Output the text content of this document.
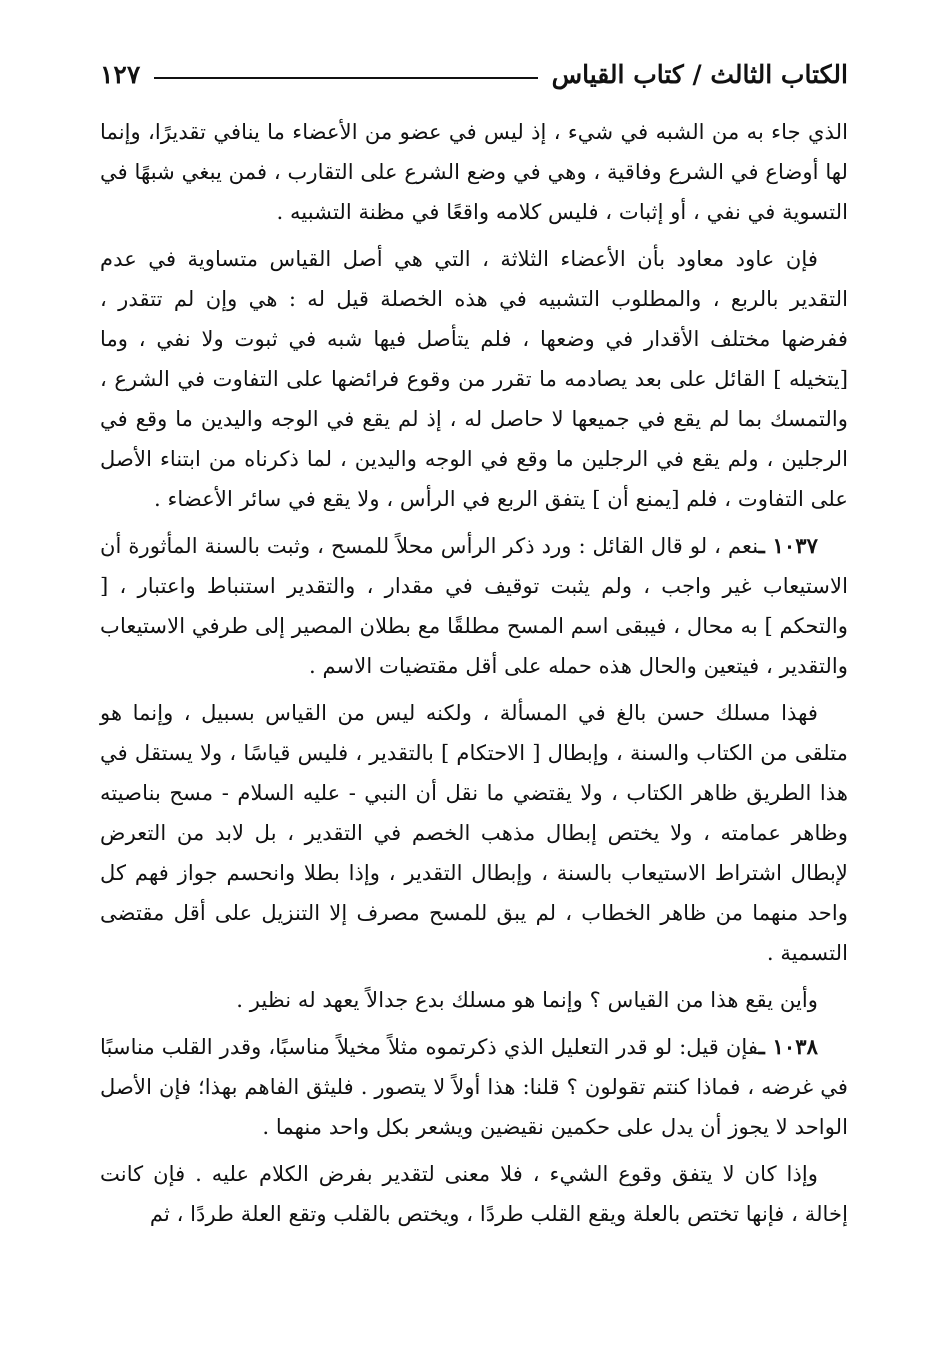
الكتاب الثالث / كتاب القياس
١٢٧

الذي جاء به من الشبه في شيء ، إذ ليس في عضو من الأعضاء ما ينافي تقديرًا، وإنما لها أوضاع في الشرع وفاقية ، وهي في وضع الشرع على التقارب ، فمن يبغي شبهًا في التسوية في نفي ، أو إثبات ، فليس كلامه واقعًا في مظنة التشبيه .

فإن عاود معاود بأن الأعضاء الثلاثة ، التي هي أصل القياس متساوية في عدم التقدير بالربع ، والمطلوب التشبيه في هذه الخصلة قيل له : هي وإن لم تتقدر ، ففرضها مختلف الأقدار في وضعها ، فلم يتأصل فيها شبه في ثبوت ولا نفي ، وما [يتخيله ] القائل على بعد يصادمه ما تقرر من وقوع فرائضها على التفاوت في الشرع ، والتمسك بما لم يقع في جميعها لا حاصل له ، إذ لم يقع في الوجه واليدين ما وقع في الرجلين ، ولم يقع في الرجلين ما وقع في الوجه واليدين ، لما ذكرناه من ابتناء الأصل على التفاوت ، فلم [يمنع أن ] يتفق الربع في الرأس ، ولا يقع في سائر الأعضاء .

١٠٣٧ ـنعم ، لو قال القائل : ورد ذكر الرأس محلاً للمسح ، وثبت بالسنة المأثورة أن الاستيعاب غير واجب ، ولم يثبت توقيف في مقدار ، والتقدير استنباط واعتبار ، [ والتحكم ] به محال ، فيبقى اسم المسح مطلقًا مع بطلان المصير إلى طرفي الاستيعاب والتقدير ، فيتعين والحال هذه حمله على أقل مقتضيات الاسم .

فهذا مسلك حسن بالغ في المسألة ، ولكنه ليس من القياس بسبيل ، وإنما هو متلقى من الكتاب والسنة ، وإبطال [ الاحتكام ] بالتقدير ، فليس قياسًا ، ولا يستقل في هذا الطريق ظاهر الكتاب ، ولا يقتضي ما نقل أن النبي - عليه السلام - مسح بناصيته وظاهر عمامته ، ولا يختص إبطال مذهب الخصم في التقدير ، بل لابد من التعرض لإبطال اشتراط الاستيعاب بالسنة ، وإبطال التقدير ، وإذا بطلا وانحسم جواز فهم كل واحد منهما من ظاهر الخطاب ، لم يبق للمسح مصرف إلا التنزيل على أقل مقتضى التسمية .

وأين يقع هذا من القياس ؟ وإنما هو مسلك بدع جدالاً يعهد له نظير .

١٠٣٨ ـفإن قيل: لو قدر التعليل الذي ذكرتموه مثلاً مخيلاً مناسبًا، وقدر القلب مناسبًا في غرضه ، فماذا كنتم تقولون ؟ قلنا: هذا أولاً لا يتصور . فليثق الفاهم بهذا؛ فإن الأصل الواحد لا يجوز أن يدل على حكمين نقيضين ويشعر بكل واحد منهما .

وإذا كان لا يتفق وقوع الشيء ، فلا معنى لتقدير بفرض الكلام عليه . فإن كانت إخالة ، فإنها تختص بالعلة ويقع القلب طردًا ، ويختص بالقلب وتقع العلة طردًا ، ثم
